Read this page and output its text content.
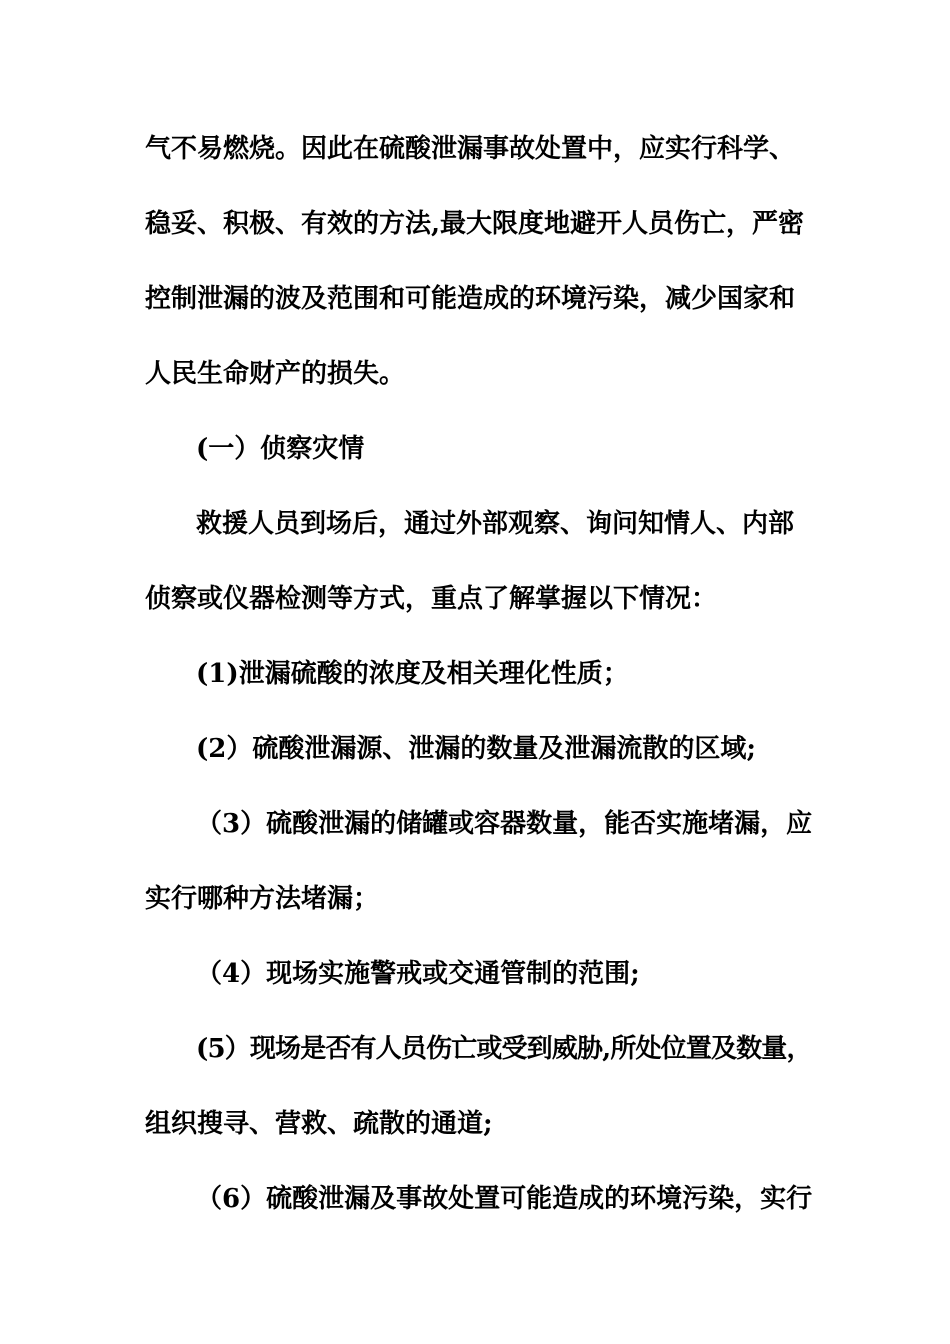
气不易燃烧。因此在硫酸泄漏事故处置中，应实行科学、
稳妥、积极、有效的方法,最大限度地避开人员伤亡，严密
控制泄漏的波及范围和可能造成的环境污染，减少国家和
人民生命财产的损失。
(一）侦察灾情
救援人员到场后，通过外部观察、询问知情人、内部
侦察或仪器检测等方式，重点了解掌握以下情况：
(1)泄漏硫酸的浓度及相关理化性质；
(2）硫酸泄漏源、泄漏的数量及泄漏流散的区域;
（3）硫酸泄漏的储罐或容器数量，能否实施堵漏，应
实行哪种方法堵漏；
（4）现场实施警戒或交通管制的范围;
(5）现场是否有人员伤亡或受到威胁,所处位置及数量，
组织搜寻、营救、疏散的通道;
（6）硫酸泄漏及事故处置可能造成的环境污染，实行
